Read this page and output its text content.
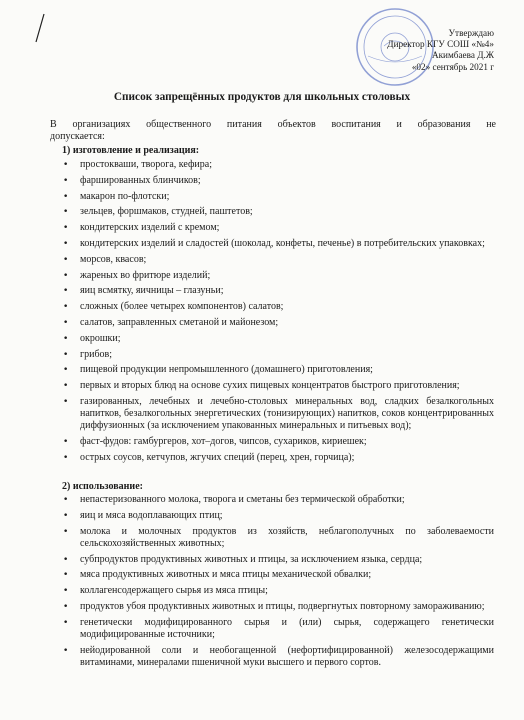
Утверждаю
Директор КГУ СОШ «№4»
Акимбаева Д.Ж
«02» сентябрь 2021 г
Список запрещённых продуктов для школьных столовых
В организациях общественного питания объектов воспитания и образования не
допускается:
1) изготовление и реализация:
• простокваши, творога, кефира;
• фаршированных блинчиков;
• макарон по-флотски;
• зельцев, форшмаков, студней, паштетов;
• кондитерских изделий с кремом;
• кондитерских изделий и сладостей (шоколад, конфеты, печенье) в потребительских упаковках;
• морсов, квасов;
• жареных во фритюре изделий;
• яиц всмятку, яичницы – глазуньи;
• сложных (более четырех компонентов) салатов;
• салатов, заправленных сметаной и майонезом;
• окрошки;
• грибов;
• пищевой продукции непромышленного (домашнего) приготовления;
• первых и вторых блюд на основе сухих пищевых концентратов быстрого приготовления;
• газированных, лечебных и лечебно-столовых минеральных вод, сладких безалкогольных напитков, безалкогольных энергетических (тонизирующих) напитков, соков концентрированных диффузионных (за исключением упакованных минеральных и питьевых вод);
• фаст-фудов: гамбургеров, хот–догов, чипсов, сухариков, кириешек;
• острых соусов, кетчупов, жгучих специй (перец, хрен, горчица);
2) использование:
• непастеризованного молока, творога и сметаны без термической обработки;
• яиц и мяса водоплавающих птиц;
• молока и молочных продуктов из хозяйств, неблагополучных по заболеваемости сельскохозяйственных животных;
• субпродуктов продуктивных животных и птицы, за исключением языка, сердца;
• мяса продуктивных животных и мяса птицы механической обвалки;
• коллагенсодержащего сырья из мяса птицы;
• продуктов убоя продуктивных животных и птицы, подвергнутых повторному замораживанию;
• генетически модифицированного сырья и (или) сырья, содержащего генетически модифицированные источники;
• нейодированной соли и необогащенной (нефортифицированной) железосодержащими витаминами, минералами пшеничной муки высшего и первого сортов.
